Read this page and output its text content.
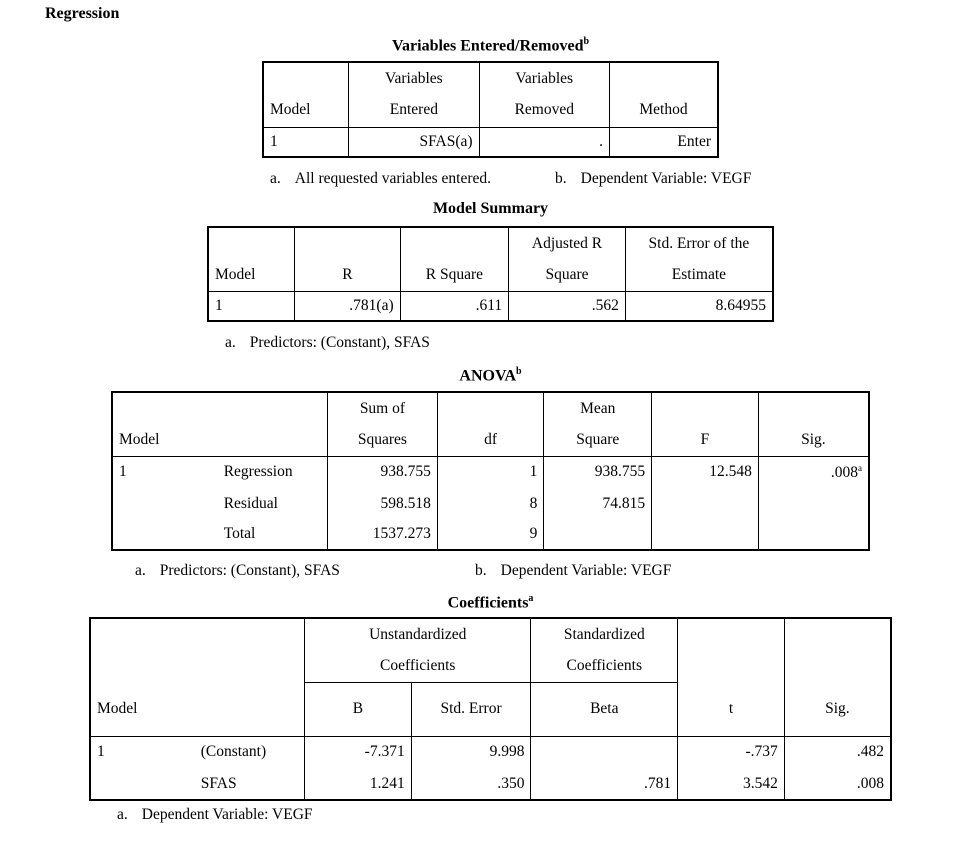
Regression
Variables Entered/Removed$^b$
	Variables	Variables	
Model	Entered	Removed	Method
1	SFAS(a)	.	Enter
a. All requested variables entered.	b. Dependent Variable: VEGF
Model Summary
			Adjusted R	Std. Error of the
Model	R	R Square	Square	Estimate
1	.781(a)	.611	.562	8.64955
a. Predictors: (Constant), SFAS
ANOVA$^b$
		Sum of		Mean		
Model		Squares	df	Square	F	Sig.
1	Regression	938.755	1	938.755	12.548	.008$^a$
	Residual	598.518	8	74.815		
	Total	1537.273	9			
a. Predictors: (Constant), SFAS	b. Dependent Variable: VEGF
Coefficients$^a$
		Unstandardized		Standardized		
		Coefficients		Coefficients		
Model		B	Std. Error	Beta	t	Sig.
1	(Constant)	-7.371	9.998		-.737	.482
	SFAS	1.241	.350	.781	3.542	.008
a. Dependent Variable: VEGF
